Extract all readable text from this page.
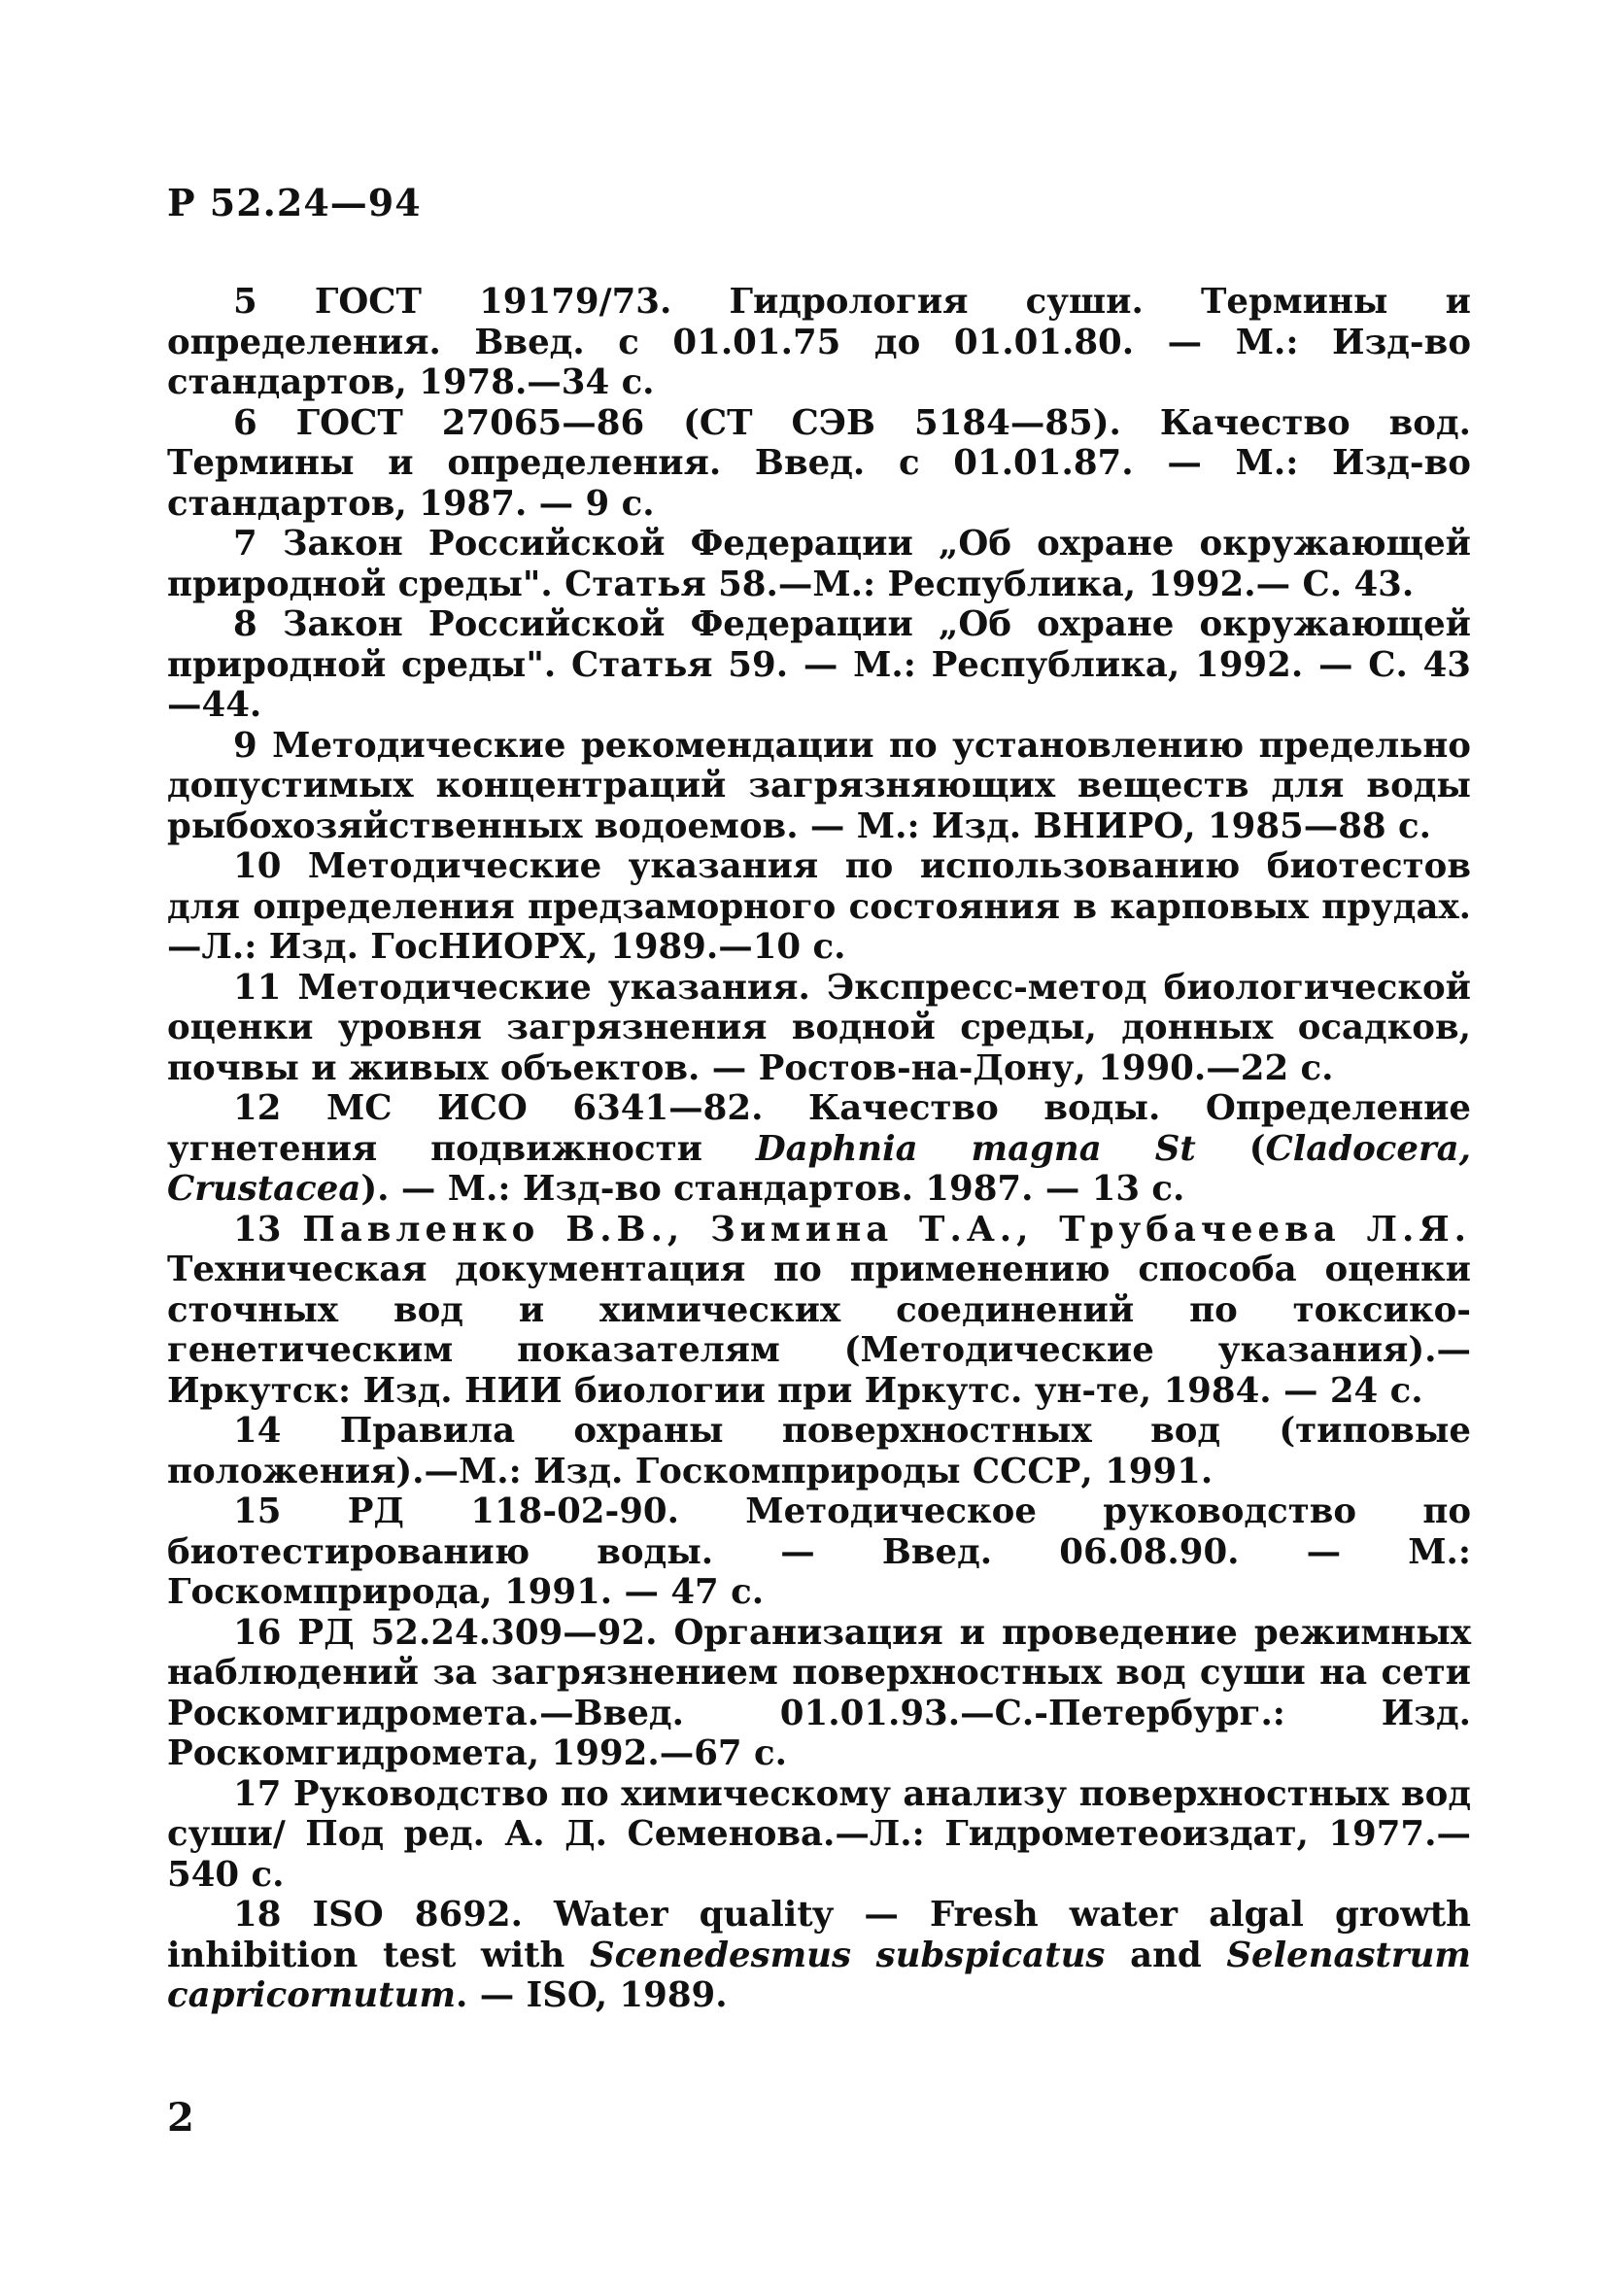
Р 52.24—94

5 ГОСТ 19179/73. Гидрология суши. Термины и определения. Введ. с 01.01.75 до 01.01.80. — М.: Изд-во стандартов, 1978.—34 с.

6 ГОСТ 27065—86 (СТ СЭВ 5184—85). Качество вод. Термины и определения. Введ. с 01.01.87. — М.: Изд-во стандартов, 1987. — 9 с.

7 Закон Российской Федерации „Об охране окружающей природной среды". Статья 58.—М.: Республика, 1992.— С. 43.

8 Закон Российской Федерации „Об охране окружающей природной среды". Статья 59. — М.: Республика, 1992. — С. 43—44.

9 Методические рекомендации по установлению предельно допустимых концентраций загрязняющих веществ для воды рыбохозяйственных водоемов. — М.: Изд. ВНИРО, 1985—88 с.

10 Методические указания по использованию биотестов для определения предзаморного состояния в карповых прудах.—Л.: Изд. ГосНИОРХ, 1989.—10 с.

11 Методические указания. Экспресс-метод биологической оценки уровня загрязнения водной среды, донных осадков, почвы и живых объектов. — Ростов-на-Дону, 1990.—22 с.

12 МС ИСО 6341—82. Качество воды. Определение угнетения подвижности Daphnia magna St (Cladocera, Crustacea). — М.: Изд-во стандартов. 1987. — 13 с.

13 Павленко В.В., Зимина Т.А., Трубачеева Л.Я. Техническая документация по применению способа оценки сточных вод и химических соединений по токсико-генетическим показателям (Методические указания).—Иркутск: Изд. НИИ биологии при Иркутс. ун-те, 1984. — 24 с.

14 Правила охраны поверхностных вод (типовые положения).—М.: Изд. Госкомприроды СССР, 1991.

15 РД 118-02-90. Методическое руководство по биотестированию воды. — Введ. 06.08.90. — М.: Госкомприрода, 1991. — 47 с.

16 РД 52.24.309—92. Организация и проведение режимных наблюдений за загрязнением поверхностных вод суши на сети Роскомгидромета.—Введ. 01.01.93.—С.-Петербург.: Изд. Роскомгидромета, 1992.—67 с.

17 Руководство по химическому анализу поверхностных вод суши/ Под ред. А. Д. Семенова.—Л.: Гидрометеоиздат, 1977.—540 с.

18 ISO 8692. Water quality — Fresh water algal growth inhibition test with Scenedesmus subspicatus and Selenastrum capricornutum. — ISO, 1989.

2
